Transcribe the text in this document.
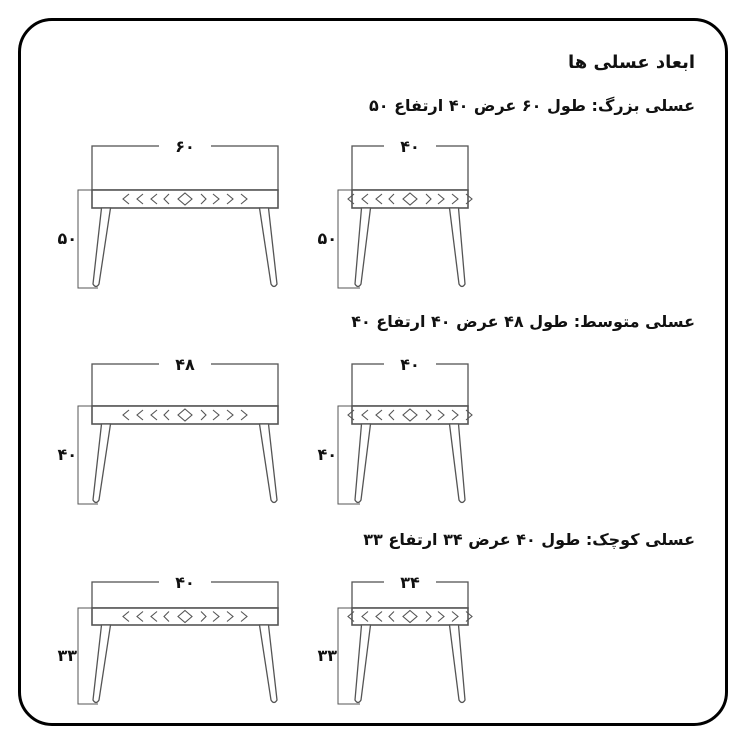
ابعاد عسلی ها
عسلی بزرگ: طول ۶۰ عرض ۴۰ ارتفاع ۵۰
عسلی متوسط: طول ۴۸ عرض ۴۰ ارتفاع ۴۰
عسلی کوچک: طول ۴۰ عرض ۳۴ ارتفاع ۳۳
۶۰
۵۰
۴۰
۵۰
۴۸
۴۰
۴۰
۴۰
۴۰
۳۳
۳۴
۳۳
